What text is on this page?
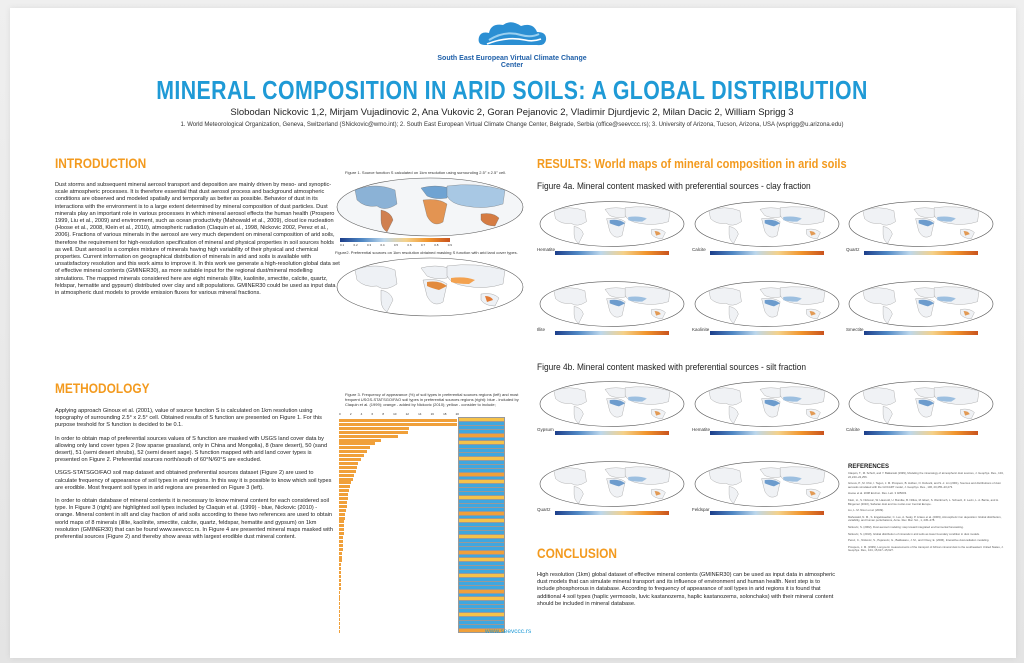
South East European Virtual Climate Change Center
MINERAL COMPOSITION IN ARID SOILS: A GLOBAL DISTRIBUTION
Slobodan Nickovic 1,2, Mirjam Vujadinovic 2, Ana Vukovic 2, Goran Pejanovic 2, Vladimir Djurdjevic 2, Milan Dacic 2, William Sprigg 3
1. World Meteorological Organization, Geneva, Switzerland (SNickovic@wmo.int); 2. South East European Virtual Climate Change Center, Belgrade, Serbia (office@seevccc.rs); 3. University of Arizona, Tucson, Arizona, USA (wsprigg@u.arizona.edu)
INTRODUCTION
Dust storms and subsequent mineral aerosol transport and deposition are mainly driven by meso- and synoptic-scale atmospheric processes. It is therefore essential that dust aerosol process and background atmospheric conditions are observed and modeled spatially and temporally as better as possible. Behavior of dust in its interactions with the environment is to a large extent determined by mineral composition of dust particles. Dust minerals play an important role in various processes in which mineral aerosol effects the human health (Prospero 1999, Liu et al., 2009) and environment, such as ocean productivity (Mahowald et al., 2009), cloud ice nucleation (Hoose et al., 2008, Klein et al., 2010), atmospheric radiation (Claquin et al., 1998, Nickovic 2002, Perez et al., 2006). Fractions of various minerals in the aerosol are very much dependent on mineral composition of arid soils, therefore the requirement for high-resolution specification of mineral and physical properties in soil sources holds as well. Dust aerosol is a complex mixture of minerals having high variability of their physical and chemical properties. Current information on geographical distribution of minerals in arid and soils is available with unsatisfactory resolution and this work aims to improve it. In this work we generate a high-resolution global data set of effective mineral contents (GMINER30), as more suitable input for the regional dust/mineral modelling simulations. The mapped minerals considered here are eight minerals (illite, kaolinite, smectite, calcite, quartz, feldspar, hematite and gypsum) distributed over clay and silt populations. GMINER30 could be used as input data in atmospheric dust models to provide emission fluxes for various mineral fractions.
METHODOLOGY

Applying approach Ginoux et al. (2001), value of source function S is calculated on 1km resolution using topography of surrounding 2.5° x 2.5° cell. Obtained results of S function are presented on Figure 1. For this purpose treshold for S function is decided to be 0.1.

In order to obtain map of preferential sources values of S function are masked with USGS land cover data by allowing only land cover types 2 (low sparse grassland, only in China and Mongolia), 8 (bare desert), 50 (sand desert), 51 (semi desert shrubs), 52 (semi desert sage). S function mapped with arid land cover types is presented on Figure 2. Preferential sources north/south of 60°N/60°S are excluded.

USGS-STATSGO/FAO soil map dataset and obtained preferential sources dataset (Figure 2) are used to calculate frequency of appearance of soil types in arid regions. In this way it is possible to know which soil types are erodible. Most frequent soil types in arid regions are presented on Figure 3 (left).

In order to obtain database of mineral contents it is necessary to know mineral content for each considered soil type. In Figure 3 (right) are highlighted soil types included by Claquin et al. (1999) - blue, Nickovic (2010) - orange. Mineral content in silt and clay fraction of arid soils according to these two references are used to obtain world maps of 8 minerals (illite, kaolinite, smectite, calcite, quartz, feldspar, hematite and gypsum) on 1km resolution (GMINER30) that can be found www.seevccc.rs. In Figure 4 are presented mineral maps masked with preferential sources (Figure 2) and thereby show areas with largest erodible dust mineral content.

Figure 1. Source function S calculated on 1km resolution using surrounding 2.5° x 2.5° cell.
0.1	0.2	0.3	0.4	0.5	0.6	0.7	0.8	0.9
Figure2. Preferential sources on 1km resolution obtained masking S function with arid land cover types.
Figure 3. Frequency of appearance (%) of soil types in preferential sources regions (left) and most frequent USGS-STATSGO/FAO soil types in preferential sources regions (right): blue - included by Claquin et al. (1999); orange - added by Nickovic (2010); yellow - consider to include;
0	2	4	6	8	10	12	14	16	18	20
RESULTS: World maps of mineral composition in arid soils
Figure 4a. Mineral content masked with preferential sources - clay fraction
Hematite	Calcite	Quartz
Illite	Kaolinite	Smectite
Figure 4b. Mineral content masked with preferential sources - silt fraction
Gypsum	Hematite	Calcite
Quartz	Feldspar
CONCLUSION
High resolution (1km) global dataset of effective mineral contents (GMINER30) can be used as input data in atmospheric dust models that can simulate mineral transport and its influence of environment and human health. Next step is to include phosphorous in database. According to frequency of appearance of soil types in arid regions it is found that additional 4 soil types (haplic yermosols, luvic kastanozems, haplic kastanozems, solonchaks) with their mineral content should be included in mineral database.
REFERENCES

Claquin, T., M. Schulz, and Y. Balkanski (1999), Modeling the mineralogy of atmospheric dust sources, J. Geophys. Res., 104, 22,243–22,256.

Ginoux, P., M. Chin, I. Tegen, J. M. Prospero, B. Holben, O. Dubovik, and S.-J. Lin (2001), Sources and distributions of dust aerosols simulated with the GOCART model, J. Geophys. Res., 106, 20,255–20,273.

Hoose et al. 2008 Environ. Res. Lett. 3 025003.

Klein, H., S. Nickovic, W. Haunold, U. Bundke, B. Nillius, M. Ebert, S. Weinbruch, L. Schuetz, Z. Levin, L. A. Barrie, and H. Bingemer (2010), Saharan dust and ice nuclei over Central Europe.

Liu, L. M. Nixon et al. (2009).

Mahowald, N. M., S. Engelstaedter, C. Luo, A. Sealy, P. Artaxo et al. (2009), Atmospheric iron deposition: Global distribution, variability, and human perturbations, Annu. Rev. Mar. Sci., 1, 245–278.

Nickovic, S. (2002), Dust aerosol modeling: step toward integrated environmental forecasting.

Nickovic, S. (2010), Global distribution of minerals in arid soils as lower boundary condition in dust models.

Perez, C., Nickovic, S., Pejanovic, G., Baldasano, J. M., and Ozsoy, E. (2006), Interactive dust-radiation modeling.

Prospero, J. M. (1999), Long-term measurements of the transport of African mineral dust to the southeastern United States, J. Geophys. Res., 104, 15,917–15,927.

www.seevccc.rs
